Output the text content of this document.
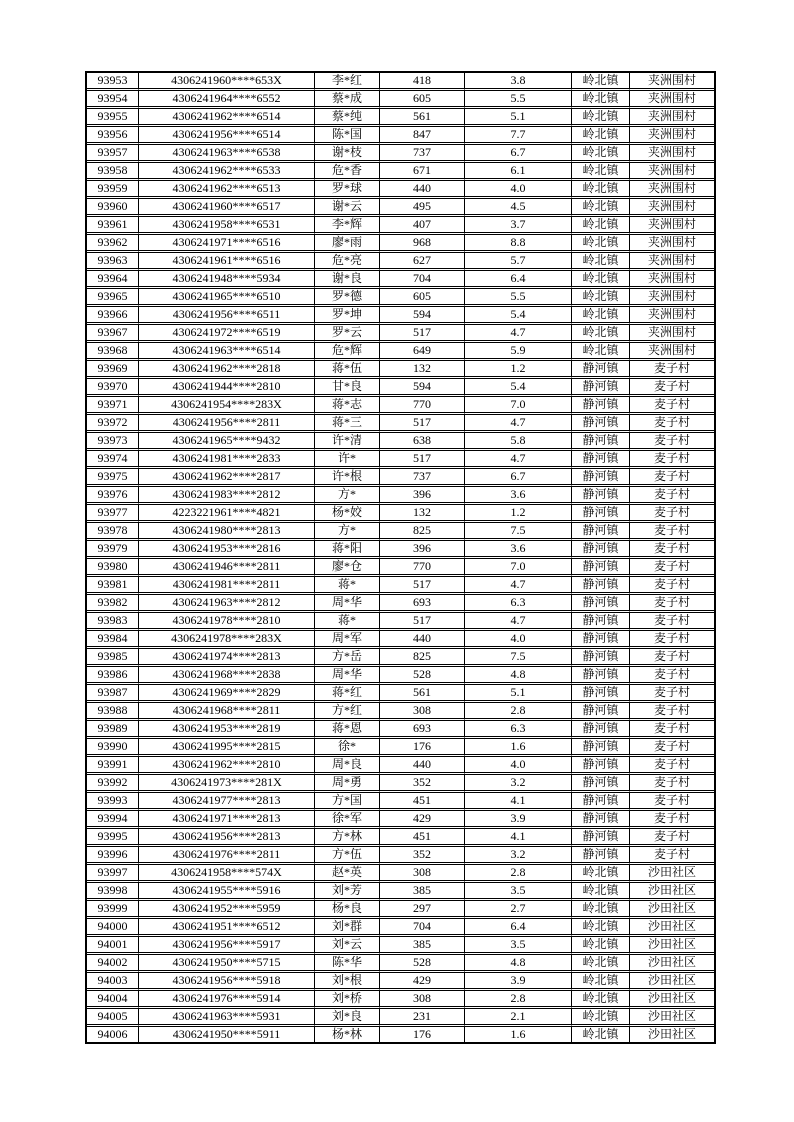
93953	4306241960****653X	李*红	418	3.8	岭北镇	夹洲围村
93954	4306241964****6552	蔡*成	605	5.5	岭北镇	夹洲围村
93955	4306241962****6514	蔡*纯	561	5.1	岭北镇	夹洲围村
93956	4306241956****6514	陈*国	847	7.7	岭北镇	夹洲围村
93957	4306241963****6538	谢*枝	737	6.7	岭北镇	夹洲围村
93958	4306241962****6533	危*香	671	6.1	岭北镇	夹洲围村
93959	4306241962****6513	罗*球	440	4.0	岭北镇	夹洲围村
93960	4306241960****6517	谢*云	495	4.5	岭北镇	夹洲围村
93961	4306241958****6531	李*辉	407	3.7	岭北镇	夹洲围村
93962	4306241971****6516	廖*雨	968	8.8	岭北镇	夹洲围村
93963	4306241961****6516	危*亮	627	5.7	岭北镇	夹洲围村
93964	4306241948****5934	谢*良	704	6.4	岭北镇	夹洲围村
93965	4306241965****6510	罗*德	605	5.5	岭北镇	夹洲围村
93966	4306241956****6511	罗*坤	594	5.4	岭北镇	夹洲围村
93967	4306241972****6519	罗*云	517	4.7	岭北镇	夹洲围村
93968	4306241963****6514	危*辉	649	5.9	岭北镇	夹洲围村
93969	4306241962****2818	蒋*伍	132	1.2	静河镇	麦子村
93970	4306241944****2810	甘*良	594	5.4	静河镇	麦子村
93971	4306241954****283X	蒋*志	770	7.0	静河镇	麦子村
93972	4306241956****2811	蒋*三	517	4.7	静河镇	麦子村
93973	4306241965****9432	许*清	638	5.8	静河镇	麦子村
93974	4306241981****2833	许*	517	4.7	静河镇	麦子村
93975	4306241962****2817	许*根	737	6.7	静河镇	麦子村
93976	4306241983****2812	方*	396	3.6	静河镇	麦子村
93977	4223221961****4821	杨*姣	132	1.2	静河镇	麦子村
93978	4306241980****2813	方*	825	7.5	静河镇	麦子村
93979	4306241953****2816	蒋*阳	396	3.6	静河镇	麦子村
93980	4306241946****2811	廖*仓	770	7.0	静河镇	麦子村
93981	4306241981****2811	蒋*	517	4.7	静河镇	麦子村
93982	4306241963****2812	周*华	693	6.3	静河镇	麦子村
93983	4306241978****2810	蒋*	517	4.7	静河镇	麦子村
93984	4306241978****283X	周*军	440	4.0	静河镇	麦子村
93985	4306241974****2813	方*岳	825	7.5	静河镇	麦子村
93986	4306241968****2838	周*华	528	4.8	静河镇	麦子村
93987	4306241969****2829	蒋*红	561	5.1	静河镇	麦子村
93988	4306241968****2811	方*红	308	2.8	静河镇	麦子村
93989	4306241953****2819	蒋*恩	693	6.3	静河镇	麦子村
93990	4306241995****2815	徐*	176	1.6	静河镇	麦子村
93991	4306241962****2810	周*良	440	4.0	静河镇	麦子村
93992	4306241973****281X	周*勇	352	3.2	静河镇	麦子村
93993	4306241977****2813	方*国	451	4.1	静河镇	麦子村
93994	4306241971****2813	徐*军	429	3.9	静河镇	麦子村
93995	4306241956****2813	方*林	451	4.1	静河镇	麦子村
93996	4306241976****2811	方*伍	352	3.2	静河镇	麦子村
93997	4306241958****574X	赵*英	308	2.8	岭北镇	沙田社区
93998	4306241955****5916	刘*芳	385	3.5	岭北镇	沙田社区
93999	4306241952****5959	杨*良	297	2.7	岭北镇	沙田社区
94000	4306241951****6512	刘*群	704	6.4	岭北镇	沙田社区
94001	4306241956****5917	刘*云	385	3.5	岭北镇	沙田社区
94002	4306241950****5715	陈*华	528	4.8	岭北镇	沙田社区
94003	4306241956****5918	刘*根	429	3.9	岭北镇	沙田社区
94004	4306241976****5914	刘*桥	308	2.8	岭北镇	沙田社区
94005	4306241963****5931	刘*良	231	2.1	岭北镇	沙田社区
94006	4306241950****5911	杨*林	176	1.6	岭北镇	沙田社区
